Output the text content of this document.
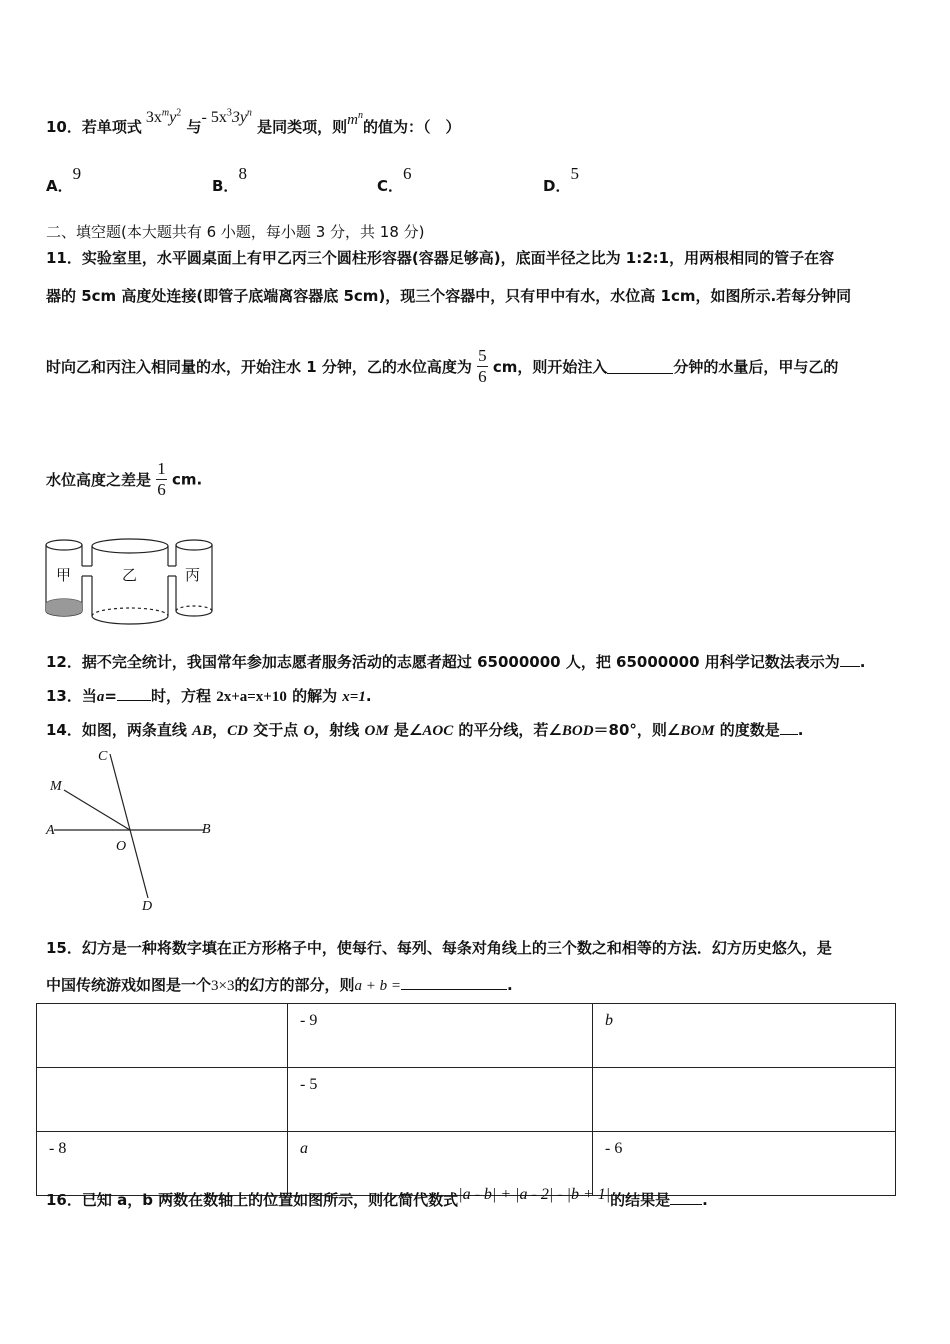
10．若单项式 $3x^my^2$ 与- $5x^33y^n$ 是同类项，则$m^n$的值为：（　）
A．9
B．8
C．6
D．5
二、填空题(本大题共有 6 小题，每小题 3 分，共 18 分)
11．实验室里，水平圆桌面上有甲乙丙三个圆柱形容器(容器足够高)，底面半径之比为 1:2:1，用两根相同的管子在容
器的 5cm 高度处连接(即管子底端离容器底 5cm)，现三个容器中，只有甲中有水，水位高 1cm，如图所示.若每分钟同
时向乙和丙注入相同量的水，开始注水 1 分钟，乙的水位高度为 $\frac{5}{6}$ cm，则开始注入	分钟的水量后，甲与乙的
水位高度之差是 $\frac{1}{6}$ cm.
甲	乙	丙
12．据不完全统计，我国常年参加志愿者服务活动的志愿者超过 65000000 人，把 65000000 用科学记数法表示为 .
13．当a= 时，方程 2x+a=x+10 的解为 x=1.
14．如图，两条直线 AB，CD 交于点 O，射线 OM 是∠AOC 的平分线，若∠BOD＝80°，则∠BOM 的度数是 .
C
M
A	B
O
D
15．幻方是一种将数字填在正方形格子中，使每行、每列、每条对角线上的三个数之和相等的方法．幻方历史悠久，是
中国传统游戏如图是一个3×3的幻方的部分，则a + b =	.
	- 9	b
	- 5	
- 8	a	- 6
16．已知 a，b 两数在数轴上的位置如图所示，则化简代数式|a - b| + |a - 2| - |b + 1|的结果是 .
